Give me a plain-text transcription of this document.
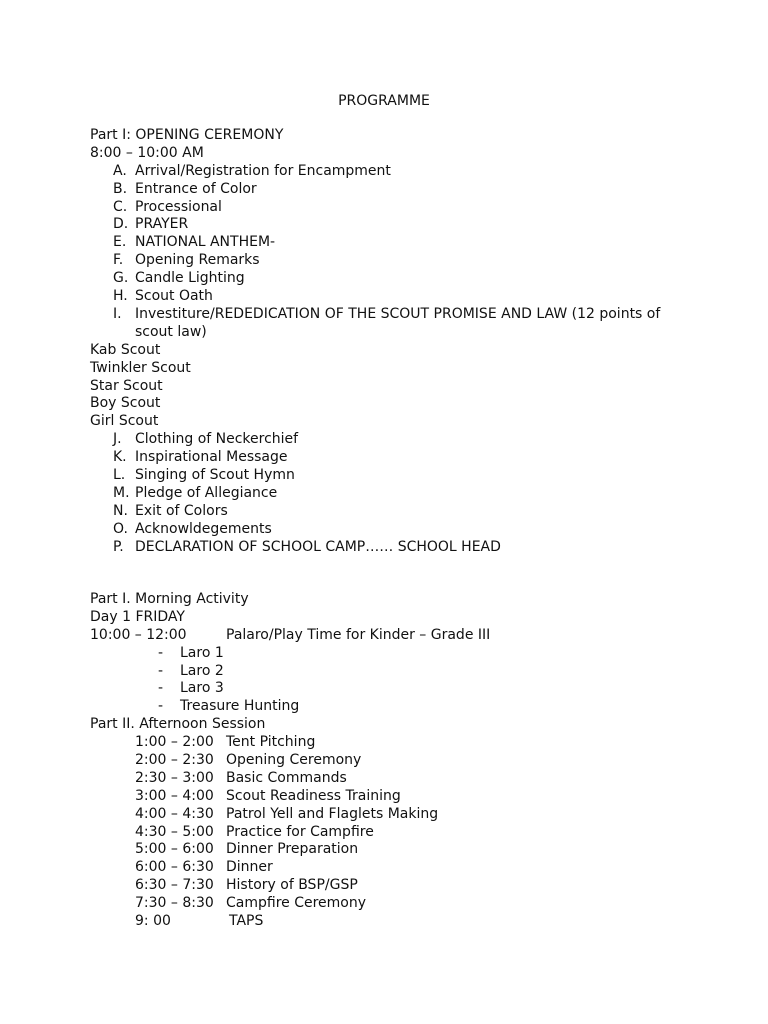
PROGRAMME
Part I: OPENING CEREMONY
8:00 – 10:00 AM
A. Arrival/Registration for Encampment
B. Entrance of Color
C. Processional
D. PRAYER
E. NATIONAL ANTHEM-
F. Opening Remarks
G. Candle Lighting
H. Scout Oath
I. Investiture/REDEDICATION OF THE SCOUT PROMISE AND LAW (12 points of scout law)
Kab Scout
Twinkler Scout
Star Scout
Boy Scout
Girl Scout
J. Clothing of Neckerchief
K. Inspirational Message
L. Singing of Scout Hymn
M. Pledge of Allegiance
N. Exit of Colors
O. Acknowldegements
P. DECLARATION OF SCHOOL CAMP…… SCHOOL HEAD
Part I. Morning Activity
Day 1 FRIDAY
10:00 – 12:00	Palaro/Play Time for Kinder – Grade III
- Laro 1
- Laro 2
- Laro 3
- Treasure Hunting
Part II. Afternoon Session
1:00 – 2:00 Tent Pitching
2:00 – 2:30 Opening Ceremony
2:30 – 3:00 Basic Commands
3:00 – 4:00 Scout Readiness Training
4:00 – 4:30 Patrol Yell and Flaglets Making
4:30 – 5:00 Practice for Campfire
5:00 – 6:00 Dinner Preparation
6:00 – 6:30 Dinner
6:30 – 7:30 History of BSP/GSP
7:30 – 8:30 Campfire Ceremony
9: 00	TAPS
